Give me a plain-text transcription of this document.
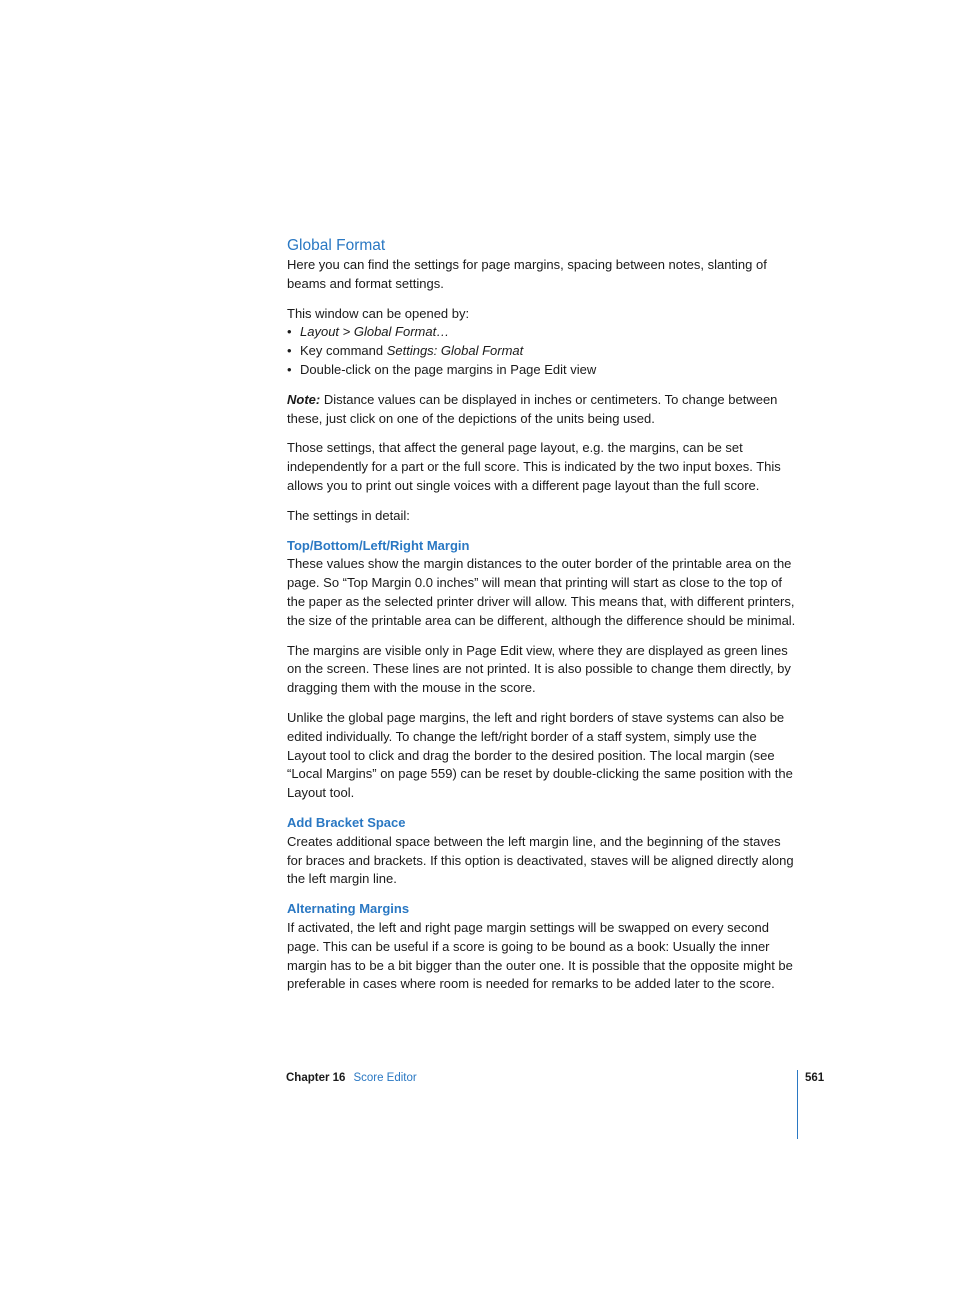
Global Format

Here you can find the settings for page margins, spacing between notes, slanting of beams and format settings.

This window can be opened by:
• Layout > Global Format…
• Key command Settings: Global Format
• Double-click on the page margins in Page Edit view

Note: Distance values can be displayed in inches or centimeters. To change between these, just click on one of the depictions of the units being used.

Those settings, that affect the general page layout, e.g. the margins, can be set independently for a part or the full score. This is indicated by the two input boxes. This allows you to print out single voices with a different page layout than the full score.

The settings in detail:

Top/Bottom/Left/Right Margin

These values show the margin distances to the outer border of the printable area on the page. So “Top Margin 0.0 inches” will mean that printing will start as close to the top of the paper as the selected printer driver will allow. This means that, with different printers, the size of the printable area can be different, although the difference should be minimal.

The margins are visible only in Page Edit view, where they are displayed as green lines on the screen. These lines are not printed. It is also possible to change them directly, by dragging them with the mouse in the score.

Unlike the global page margins, the left and right borders of stave systems can also be edited individually. To change the left/right border of a staff system, simply use the Layout tool to click and drag the border to the desired position. The local margin (see “Local Margins” on page 559) can be reset by double-clicking the same position with the Layout tool.

Add Bracket Space

Creates additional space between the left margin line, and the beginning of the staves for braces and brackets. If this option is deactivated, staves will be aligned directly along the left margin line.

Alternating Margins

If activated, the left and right page margin settings will be swapped on every second page. This can be useful if a score is going to be bound as a book: Usually the inner margin has to be a bit bigger than the outer one. It is possible that the opposite might be preferable in cases where room is needed for remarks to be added later to the score.

Chapter 16 Score Editor	561
